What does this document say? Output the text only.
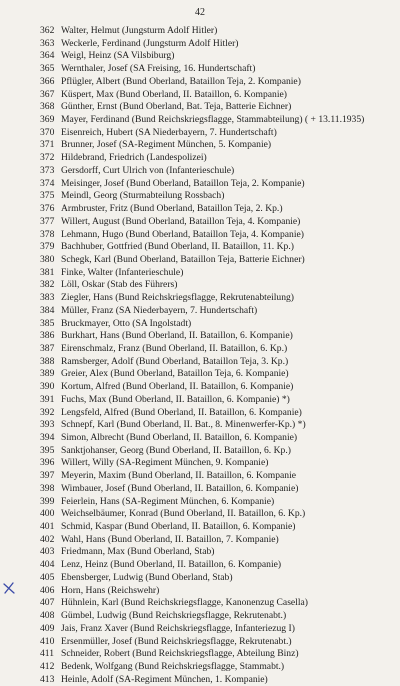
42
362 Walter, Helmut (Jungsturm Adolf Hitler)
363 Weckerle, Ferdinand (Jungsturm Adolf Hitler)
364 Weigl, Heinz (SA Vilsbiburg)
365 Wernthaler, Josef (SA Freising, 16. Hundertschaft)
366 Pflügler, Albert (Bund Oberland, Bataillon Teja, 2. Kompanie)
367 Küspert, Max (Bund Oberland, II. Bataillon, 6. Kompanie)
368 Günther, Ernst (Bund Oberland, Bat. Teja, Batterie Eichner)
369 Mayer, Ferdinand (Bund Reichskriegsflagge, Stammabteilung) ( + 13.11.1935)
370 Eisenreich, Hubert (SA Niederbayern, 7. Hundertschaft)
371 Brunner, Josef (SA-Regiment München, 5. Kompanie)
372 Hildebrand, Friedrich (Landespolizei)
373 Gersdorff, Curt Ulrich von (Infanterieschule)
374 Meisinger, Josef (Bund Oberland, Bataillon Teja, 2. Kompanie)
375 Meindl, Georg (Sturmabteilung Rossbach)
376 Armbruster, Fritz (Bund Oberland, Bataillon Teja, 2. Kp.)
377 Willert, August (Bund Oberland, Bataillon Teja, 4. Kompanie)
378 Lehmann, Hugo (Bund Oberland, Bataillon Teja, 4. Kompanie)
379 Bachhuber, Gottfried (Bund Oberland, II. Bataillon, 11. Kp.)
380 Schegk, Karl (Bund Oberland, Bataillon Teja, Batterie Eichner)
381 Finke, Walter (Infanterieschule)
382 Löll, Oskar (Stab des Führers)
383 Ziegler, Hans (Bund Reichskriegsflagge, Rekrutenabteilung)
384 Müller, Franz (SA Niederbayern, 7. Hundertschaft)
385 Bruckmayer, Otto (SA Ingolstadt)
386 Burkhart, Hans (Bund Oberland, II. Bataillon, 6. Kompanie)
387 Eirenschmalz, Franz (Bund Oberland, II. Bataillon, 6. Kp.)
388 Ramsberger, Adolf (Bund Oberland, Bataillon Teja, 3. Kp.)
389 Greier, Alex (Bund Oberland, Bataillon Teja, 6. Kompanie)
390 Kortum, Alfred (Bund Oberland, II. Bataillon, 6. Kompanie)
391 Fuchs, Max (Bund Oberland, II. Bataillon, 6. Kompanie) *)
392 Lengsfeld, Alfred (Bund Oberland, II. Bataillon, 6. Kompanie)
393 Schnepf, Karl (Bund Oberland, II. Bat., 8. Minenwerfer-Kp.) *)
394 Simon, Albrecht (Bund Oberland, II. Bataillon, 6. Kompanie)
395 Sanktjohanser, Georg (Bund Oberland, II. Bataillon, 6. Kp.)
396 Willert, Willy (SA-Regiment München, 9. Kompanie)
397 Meyerin, Maxim (Bund Oberland, II. Bataillon, 6. Kompanie
398 Wimbauer, Josef (Bund Oberland, II. Bataillon, 6. Kompanie)
399 Feierlein, Hans (SA-Regiment München, 6. Kompanie)
400 Weichselbäumer, Konrad (Bund Oberland, II. Bataillon, 6. Kp.)
401 Schmid, Kaspar (Bund Oberland, II. Bataillon, 6. Kompanie)
402 Wahl, Hans (Bund Oberland, II. Bataillon, 7. Kompanie)
403 Friedmann, Max (Bund Oberland, Stab)
404 Lenz, Heinz (Bund Oberland, II. Bataillon, 6. Kompanie)
405 Ebensberger, Ludwig (Bund Oberland, Stab)
406 Horn, Hans (Reichswehr)
407 Hühnlein, Karl (Bund Reichskriegsflagge, Kanonenzug Casella)
408 Gümbel, Ludwig (Bund Reichskriegsflagge, Rekrutenabt.)
409 Jais, Franz Xaver (Bund Reichskriegsflagge, Infanteriezug I)
410 Ersenmüller, Josef (Bund Reichskriegsflagge, Rekrutenabt.)
411 Schneider, Robert (Bund Reichskriegsflagge, Abteilung Binz)
412 Bedenk, Wolfgang (Bund Reichskriegsflagge, Stammabt.)
413 Heinle, Adolf (SA-Regiment München, 1. Kompanie)
